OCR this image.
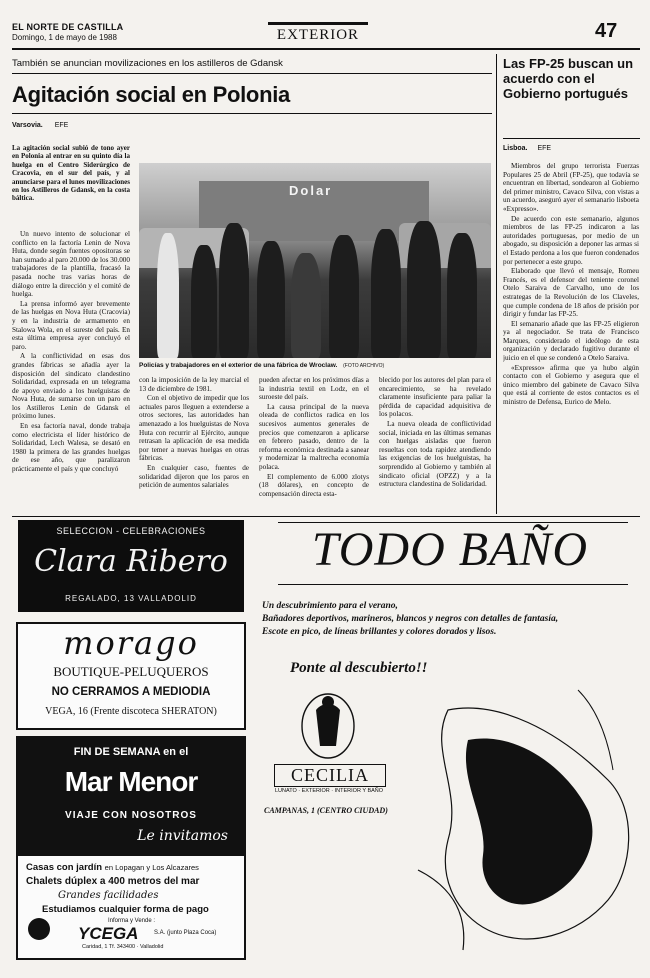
EL NORTE DE CASTILLA
Domingo, 1 de mayo de 1988	EXTERIOR	47
También se anuncian movilizaciones en los astilleros de Gdansk
Agitación social en Polonia
Varsovia. EFE
La agitación social subió de tono ayer en Polonia al entrar en su quinto día la huelga en el Centro Siderúrgico de Cracovia, en el sur del país, y al anunciarse para el lunes movilizaciones en los Astilleros de Gdansk, en la costa báltica.

Un nuevo intento de solucionar el conflicto en la factoría Lenin de Nova Huta, donde según fuentes opositoras se han sumado al paro 20.000 de los 30.000 trabajadores de la plantilla, fracasó la pasada noche tras varias horas de diálogo entre la dirección y el comité de huelga.

La prensa informó ayer brevemente de las huelgas en Nova Huta (Cracovia) y en la industria de armamento en Stalowa Wola, en el sureste del país. En esta última empresa ayer concluyó el paro.

A la conflictividad en esas dos grandes fábricas se añadía ayer la disposición del sindicato clandestino Solidaridad, expresada en un telegrama de apoyo enviado a los huelguistas de Nova Huta, de sumarse con un paro en los Astilleros Lenin de Gdansk el próximo lunes.

En esa factoría naval, donde trabaja como electricista el líder histórico de Solidaridad, Lech Walesa, se desató en 1980 la primera de las grandes huelgas de ese año, que paralizaron prácticamente el país y que concluyó

Dolar
Policías y trabajadores en el exterior de una fábrica de Wroclaw. (FOTO ARCHIVO)

con la imposición de la ley marcial el 13 de diciembre de 1981.

Con el objetivo de impedir que los actuales paros lleguen a extenderse a otros sectores, las autoridades han amenazado a los huelguistas de Nova Huta con recurrir al Ejército, aunque retrasan la aplicación de esa medida por temer a nuevas huelgas en otras fábricas.

En cualquier caso, fuentes de solidaridad dijeron que los paros en petición de aumentos salariales

pueden afectar en los próximos días a la industria textil en Lodz, en el suroeste del país.

La causa principal de la nueva oleada de conflictos radica en los sucesivos aumentos generales de precios que comenzaron a aplicarse en febrero pasado, dentro de la reforma económica destinada a sanear y modernizar la maltrecha economía polaca.

El complemento de 6.000 zlotys (18 dólares), en concepto de compensación directa esta-

blecido por los autores del plan para el encarecimiento, se ha revelado claramente insuficiente para paliar la pérdida de capacidad adquisitiva de los polacos.

La nueva oleada de conflictividad social, iniciada en las últimas semanas con huelgas aisladas que fueron resueltas con toda rapidez atendiendo las exigencias de los huelguistas, ha sorprendido al Gobierno y también al sindicato oficial (OPZZ) y a la estructura clandestina de Solidaridad.

Las FP-25 buscan un acuerdo con el Gobierno portugués
Lisboa. EFE

Miembros del grupo terrorista Fuerzas Populares 25 de Abril (FP-25), que todavía se encuentran en libertad, sondearon al Gobierno del primer ministro, Cavaco Silva, con vistas a un acuerdo, aseguró ayer el semanario lisboeta «Expresso».

De acuerdo con este semanario, algunos miembros de las FP-25 indicaron a las autoridades portuguesas, por medio de un abogado, su disposición a deponer las armas si el Estado perdona a los que fueron condenados por pertenecer a este grupo.

Elaborado que llevó el mensaje, Romeu Francés, es el defensor del teniente coronel Otelo Saraiva de Carvalho, uno de los estrategas de la Revolución de los Claveles, que cumple condena de 18 años de prisión por dirigir y fundar las FP-25.

El semanario añade que las FP-25 eligieron ya al negociador. Se trata de Francisco Marques, considerado el ideólogo de esta organización y declarado fugitivo durante el juicio en el que se condenó a Otelo Saraiva.

«Expresso» afirma que ya hubo algún contacto con el Gobierno y asegura que el único miembro del gabinete de Cavaco Silva que está al corriente de estos contactos es el ministro de Defensa, Eurico de Melo.

SELECCION - CELEBRACIONES
Clara Ribero
REGALADO, 13 VALLADOLID
morago
BOUTIQUE-PELUQUEROS
NO CERRAMOS A MEDIODIA
VEGA, 16 (Frente discoteca SHERATON)
FIN DE SEMANA en el
Mar Menor
VIAJE CON NOSOTROS
Le invitamos
Casas con jardín en Lopagan y Los Alcazares
Chalets dúplex a 400 metros del mar
Grandes facilidades
Estudiamos cualquier forma de pago
Informa y Vende :
YCEGA	S.A. (junto Plaza Coca)
Caridad, 1 Tf. 343400 · Valladolid
TODO BAÑO
Un descubrimiento para el verano,
Bañadores deportivos, marineros, blancos y negros con detalles de fantasía,
Escote en pico, de líneas brillantes y colores dorados y lisos.
Ponte al descubierto!!
CECILIA
LUNATO · EXTERIOR · INTERIOR Y BAÑO
CAMPANAS, 1 (CENTRO CIUDAD)
